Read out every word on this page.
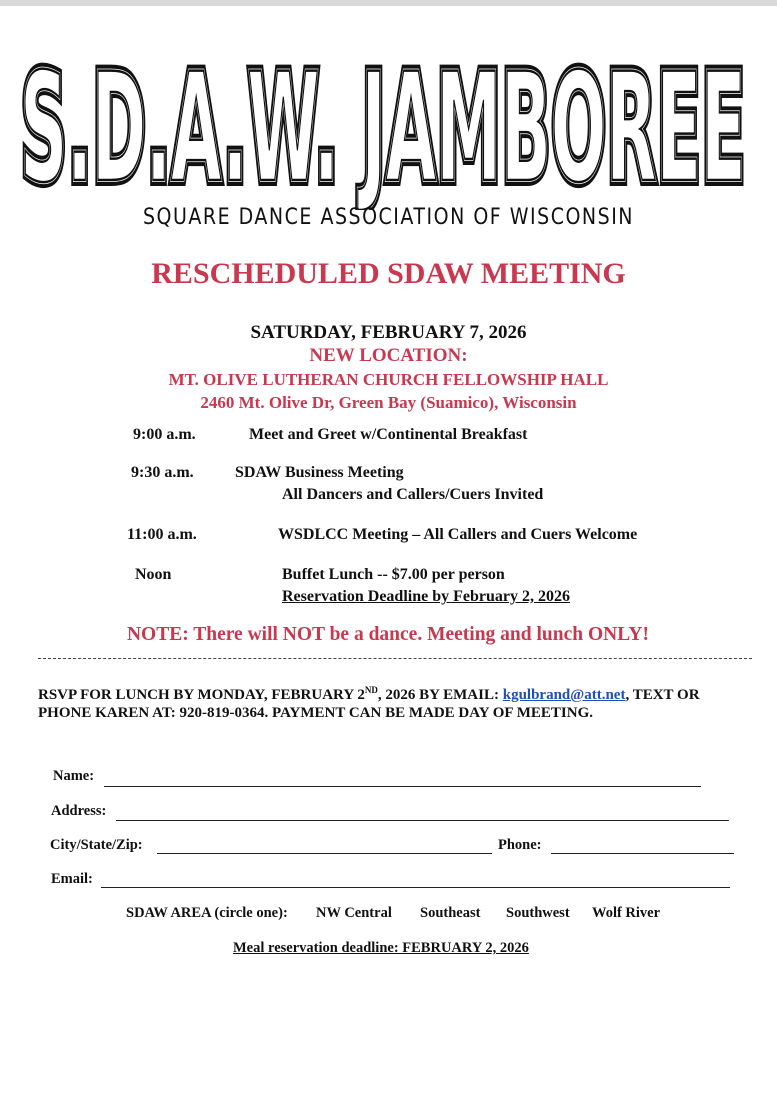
S.D.A.W. JAMBOREE
S.D.A.W. JAMBOREE
S.D.A.W. JAMBOREE
SQUARE DANCE ASSOCIATION OF WISCONSIN
RESCHEDULED SDAW MEETING
SATURDAY, FEBRUARY 7, 2026
NEW LOCATION:
MT. OLIVE LUTHERAN CHURCH FELLOWSHIP HALL
2460 Mt. Olive Dr, Green Bay (Suamico), Wisconsin
9:00 a.m.	Meet and Greet w/Continental Breakfast
9:30 a.m.	SDAW Business Meeting
All Dancers and Callers/Cuers Invited
11:00 a.m.	WSDLCC Meeting – All Callers and Cuers Welcome
Noon	Buffet Lunch -- $7.00 per person
Reservation Deadline by February 2, 2026
NOTE: There will NOT be a dance. Meeting and lunch ONLY!
RSVP FOR LUNCH BY MONDAY, FEBRUARY 2ND, 2026 BY EMAIL: kgulbrand@att.net, TEXT OR
PHONE KAREN AT: 920-819-0364. PAYMENT CAN BE MADE DAY OF MEETING.
Name:
Address:
City/State/Zip:	Phone:
Email:
SDAW AREA (circle one): NW Central Southeast Southwest Wolf River
Meal reservation deadline: FEBRUARY 2, 2026
